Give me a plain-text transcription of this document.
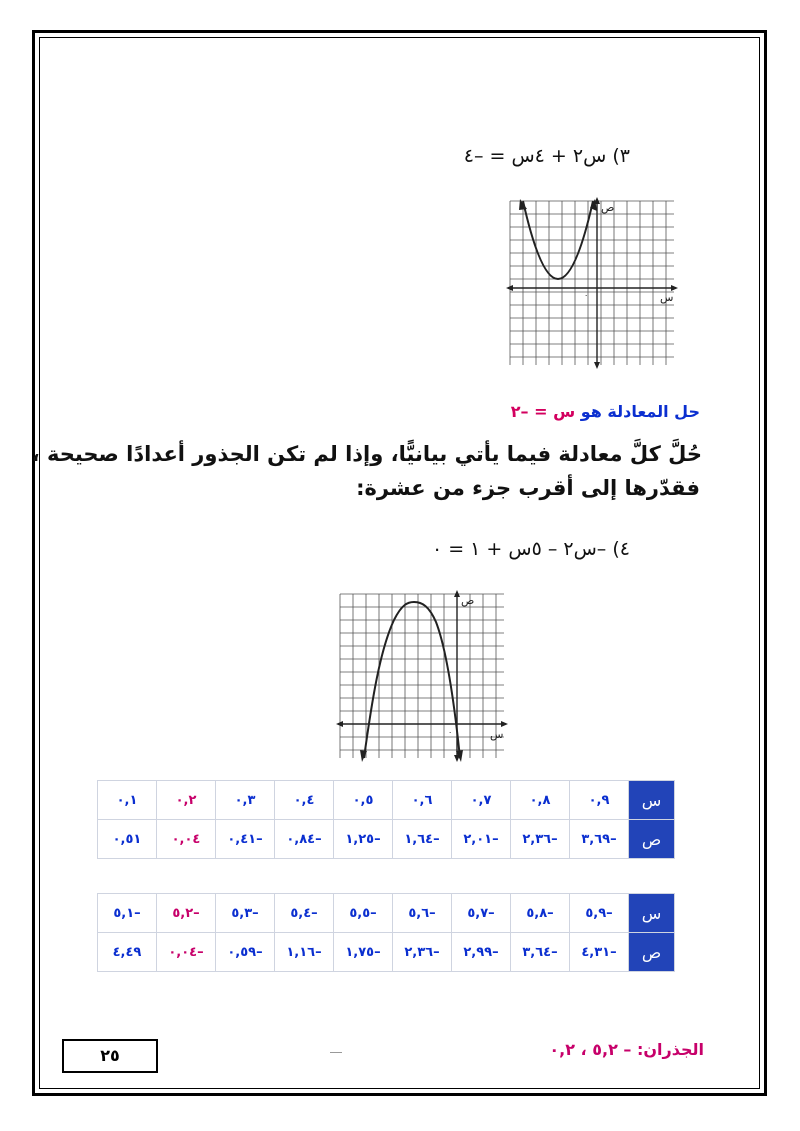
٣) س٢ + ٤س = –٤
ص
س
٠
حل المعادلة هو س = –٢
حُلَّ كلَّ معادلة فيما يأتي بيانيًّا، وإذا لم تكن الجذور أعدادًا صحيحة ،
فقدّرها إلى أقرب جزء من عشرة:
٤) –س٢ – ٥س + ١ = ٠
ص
س
٠
س	٠,٩	٠,٨	٠,٧	٠,٦	٠,٥	٠,٤	٠,٣	٠,٢	٠,١
ص	–٣,٦٩	–٢,٣٦	–٢,٠١	–١,٦٤	–١,٢٥	–٠,٨٤	–٠,٤١	٠,٠٤	٠,٥١
س	–٥,٩	–٥,٨	–٥,٧	–٥,٦	–٥,٥	–٥,٤	–٥,٣	–٥,٢	–٥,١
ص	–٤,٣١	–٣,٦٤	–٢,٩٩	–٢,٣٦	–١,٧٥	–١,١٦	–٠,٥٩	–٠,٠٤	٤,٤٩
الجذران: – ٥,٢ ، ٠,٢
٢٥
